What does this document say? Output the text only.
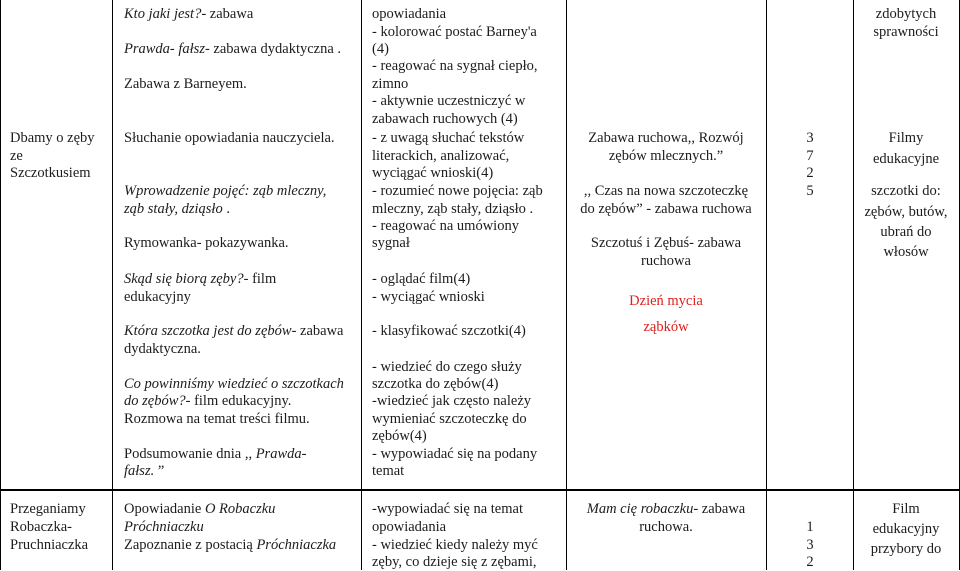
Dbamy o zęby
ze
Szczotkusiem
Kto jaki jest?- zabawa
Prawda- fałsz- zabawa dydaktyczna .
Zabawa z Barneyem.
Słuchanie opowiadania nauczyciela.
Wprowadzenie pojęć: ząb mleczny,
ząb stały, dziąsło .
Rymowanka- pokazywanka.
Skąd się biorą zęby?- film
edukacyjny
Która szczotka jest do zębów- zabawa
dydaktyczna.
Co powinniśmy wiedzieć o szczotkach
do zębów?- film edukacyjny.
Rozmowa na temat treści filmu.
Podsumowanie dnia ,, Prawda-
fałsz. ”
opowiadania
- kolorować postać Barney'a
(4)
- reagować na sygnał ciepło,
zimno
- aktywnie uczestniczyć w
zabawach ruchowych (4)
- z uwagą słuchać tekstów
literackich, analizować,
wyciągać wnioski(4)
- rozumieć nowe pojęcia: ząb
mleczny, ząb stały, dziąsło .
- reagować na umówiony
sygnał
- oglądać film(4)
- wyciągać wnioski
- klasyfikować szczotki(4)
- wiedzieć do czego służy
szczotka do zębów(4)
-wiedzieć jak często należy
wymieniać szczoteczkę do
zębów(4)
- wypowiadać się na podany
temat
Zabawa ruchowa,, Rozwój
zębów mlecznych.”
,, Czas na nowa szczoteczkę
do zębów” - zabawa ruchowa
Szczotuś i Zębuś- zabawa
ruchowa
Dzień mycia
ząbków
3
7
2
5
zdobytych
sprawności
Filmy
edukacyjne
szczotki do:
zębów, butów,
ubrań do
włosów
Przeganiamy
Robaczka-
Pruchniaczka
Opowiadanie O Robaczku
Próchniaczku
Zapoznanie z postacią Próchniaczka
-wypowiadać się na temat
opowiadania
- wiedzieć kiedy należy myć
zęby, co dzieje się z zębami,
Mam cię robaczku- zabawa
ruchowa.	1
3
2
Film
edukacyjny
przybory do
